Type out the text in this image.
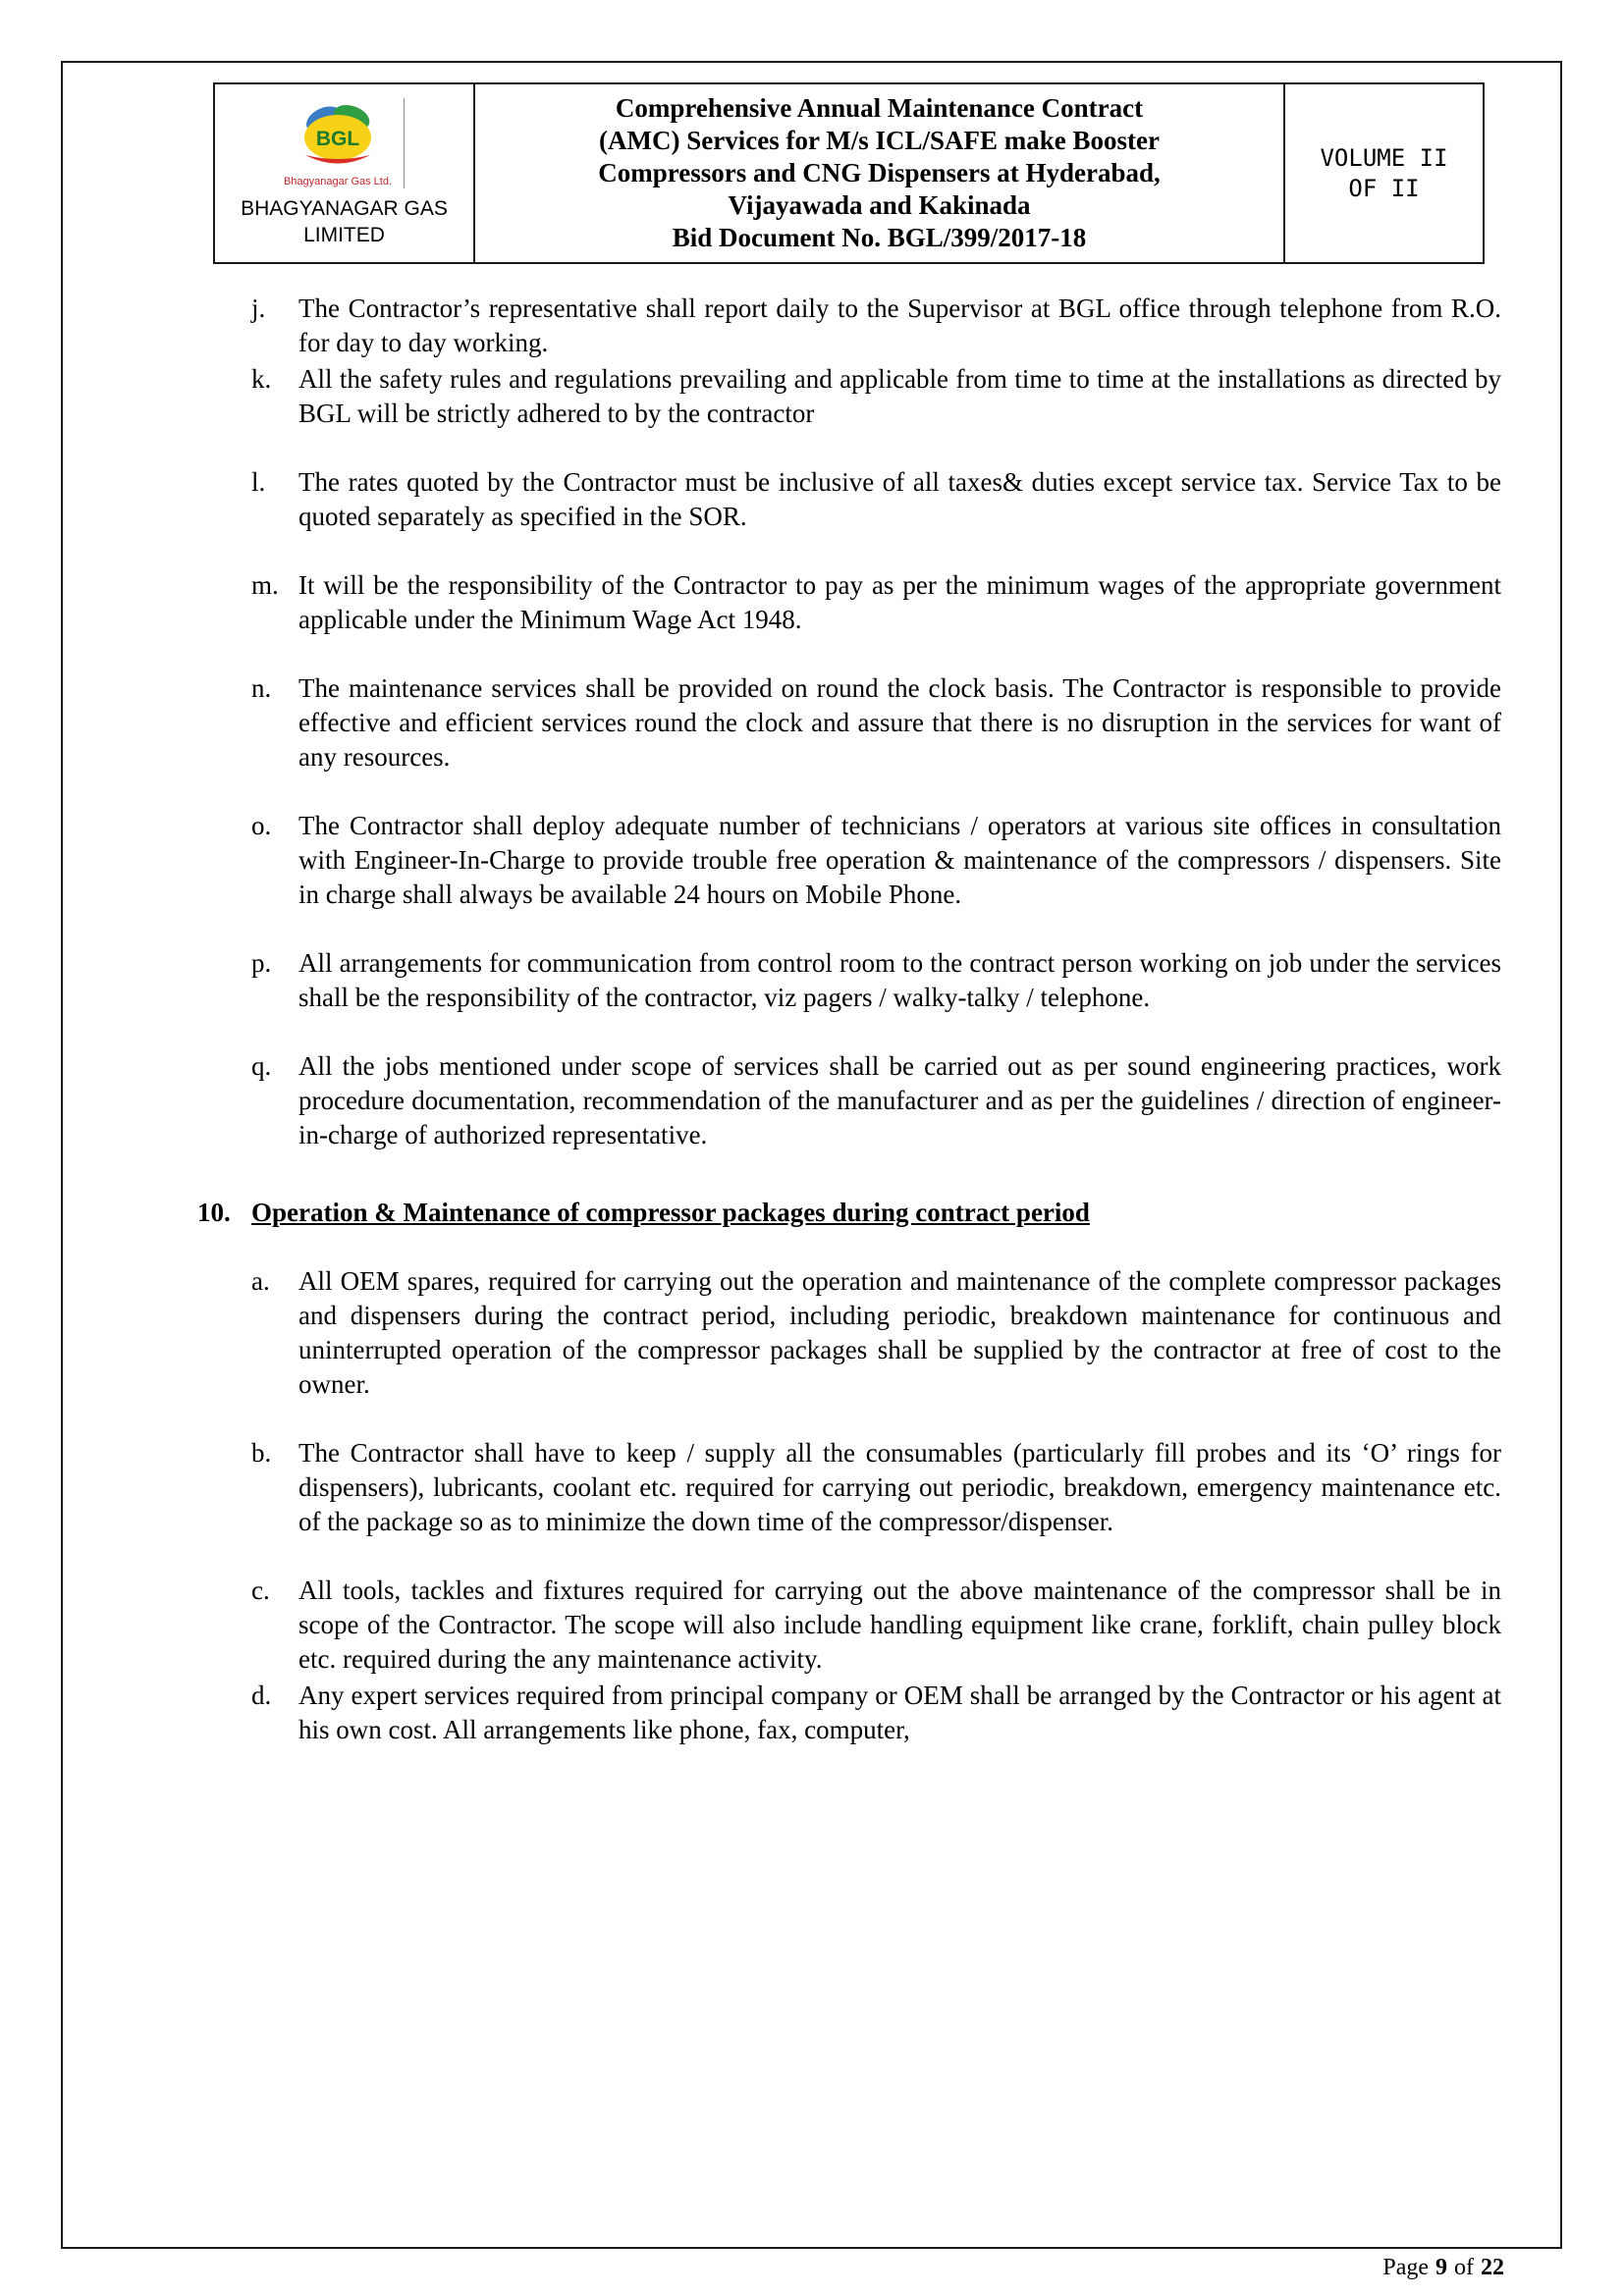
BGL
Bhagyanagar Gas Ltd.
BHAGYANAGAR GAS
LIMITED

Comprehensive Annual Maintenance Contract
(AMC) Services for M/s ICL/SAFE make Booster
Compressors and CNG Dispensers at Hyderabad,
Vijayawada and Kakinada
Bid Document No. BGL/399/2017-18

VOLUME II
OF II
j.	The Contractor’s representative shall report daily to the Supervisor at BGL office through telephone from R.O. for day to day working.
k.	All the safety rules and regulations prevailing and applicable from time to time at the installations as directed by BGL will be strictly adhered to by the contractor
l.	The rates quoted by the Contractor must be inclusive of all taxes& duties except service tax. Service Tax to be quoted separately as specified in the SOR.
m. It will be the responsibility of the Contractor to pay as per the minimum wages of the appropriate government applicable under the Minimum Wage Act 1948.
n.	The maintenance services shall be provided on round the clock basis. The Contractor is responsible to provide effective and efficient services round the clock and assure that there is no disruption in the services for want of any resources.
o.	The Contractor shall deploy adequate number of technicians / operators at various site offices in consultation with Engineer-In-Charge to provide trouble free operation & maintenance of the compressors / dispensers. Site in charge shall always be available 24 hours on Mobile Phone.
p.	All arrangements for communication from control room to the contract person working on job under the services shall be the responsibility of the contractor, viz pagers / walky-talky / telephone.
q.	All the jobs mentioned under scope of services shall be carried out as per sound engineering practices, work procedure documentation, recommendation of the manufacturer and as per the guidelines / direction of engineer-in-charge of authorized representative.
10. Operation & Maintenance of compressor packages during contract period
a.	All OEM spares, required for carrying out the operation and maintenance of the complete compressor packages and dispensers during the contract period, including periodic, breakdown maintenance for continuous and uninterrupted operation of the compressor packages shall be supplied by the contractor at free of cost to the owner.
b.	The Contractor shall have to keep / supply all the consumables (particularly fill probes and its ‘O’ rings for dispensers), lubricants, coolant etc. required for carrying out periodic, breakdown, emergency maintenance etc. of the package so as to minimize the down time of the compressor/dispenser.
c.	All tools, tackles and fixtures required for carrying out the above maintenance of the compressor shall be in scope of the Contractor. The scope will also include handling equipment like crane, forklift, chain pulley block etc. required during the any maintenance activity.
d.	Any expert services required from principal company or OEM shall be arranged by the Contractor or his agent at his own cost. All arrangements like phone, fax, computer,
Page 9 of 22
